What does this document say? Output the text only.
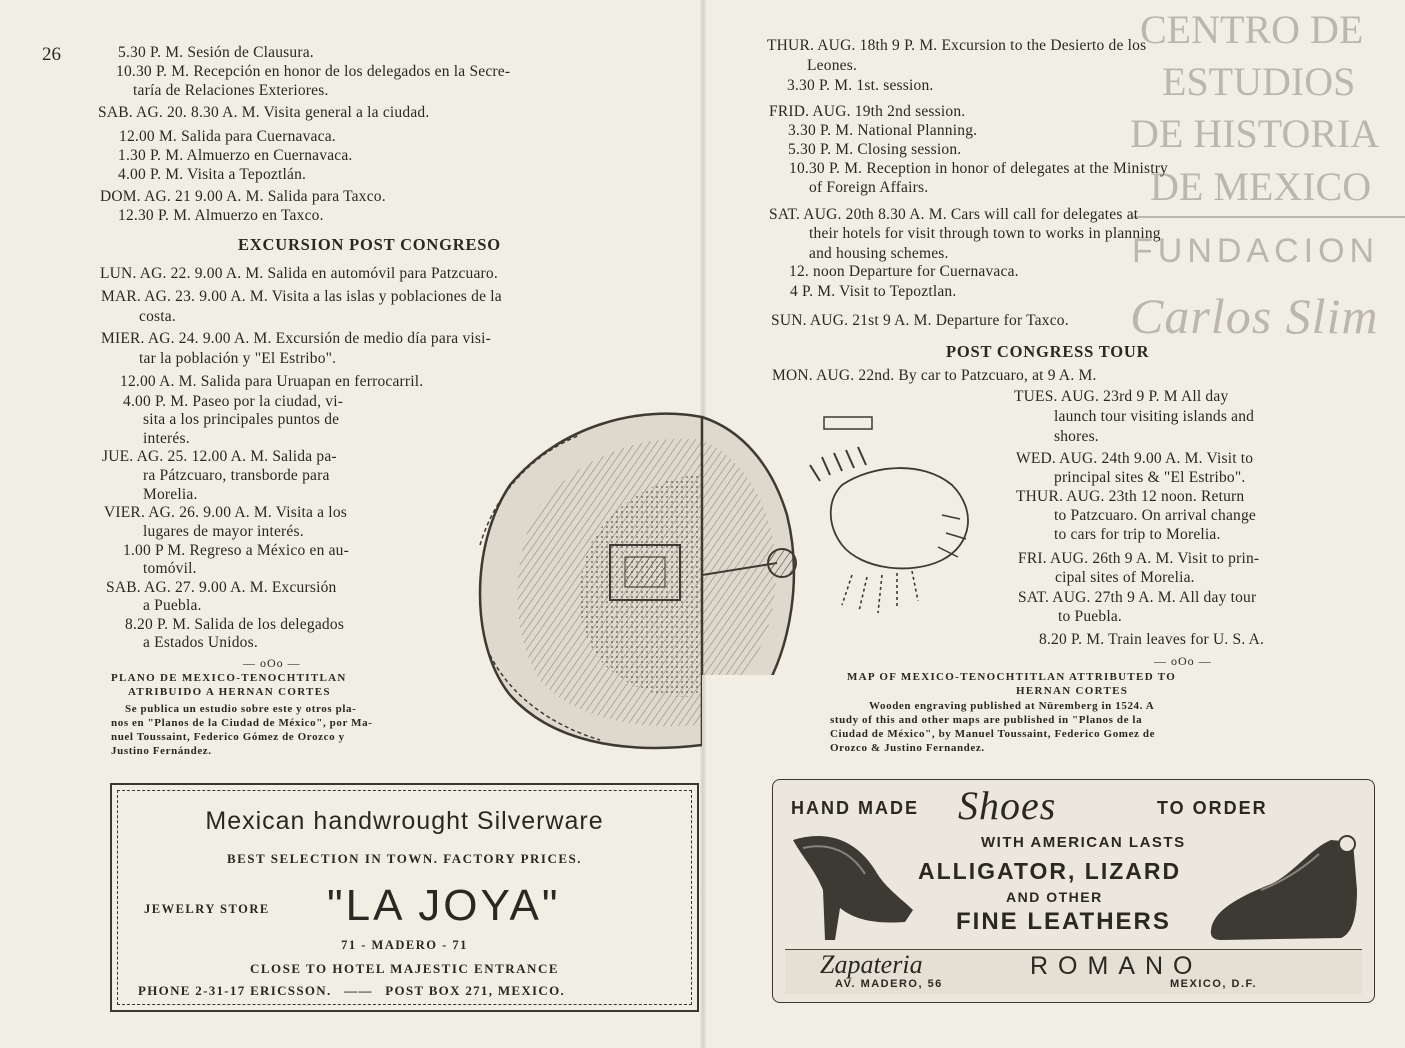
26	5.30 P. M. Sesión de Clausura.
10.30 P. M. Recepción en honor de los delegados en la Secre-
taría de Relaciones Exteriores.
SAB. AG. 20. 8.30 A. M. Visita general a la ciudad.
12.00 M. Salida para Cuernavaca.
1.30 P. M. Almuerzo en Cuernavaca.
4.00 P. M. Visita a Tepoztlán.
DOM. AG. 21 9.00 A. M. Salida para Taxco.
12.30 P. M. Almuerzo en Taxco.
EXCURSION POST CONGRESO
LUN. AG. 22. 9.00 A. M. Salida en automóvil para Patzcuaro.
MAR. AG. 23. 9.00 A. M. Visita a las islas y poblaciones de la
costa.
MIER. AG. 24. 9.00 A. M. Excursión de medio día para visi-
tar la población y "El Estribo".
12.00 A. M. Salida para Uruapan en ferrocarril.
4.00 P. M. Paseo por la ciudad, vi-
sita a los principales puntos de
interés.
JUE. AG. 25. 12.00 A. M. Salida pa-
ra Pátzcuaro, transborde para
Morelia.
VIER. AG. 26. 9.00 A. M. Visita a los
lugares de mayor interés.
1.00 P M. Regreso a México en au-
tomóvil.
SAB. AG. 27. 9.00 A. M. Excursión
a Puebla.
8.20 P. M. Salida de los delegados
a Estados Unidos.
— oOo —
PLANO DE MEXICO-TENOCHTITLAN
ATRIBUIDO A HERNAN CORTES
Se publica un estudio sobre este y otros pla-
nos en "Planos de la Ciudad de México", por Ma-
nuel Toussaint, Federico Gómez de Orozco y
Justino Fernández.
Mexican handwrought Silverware
BEST SELECTION IN TOWN. FACTORY PRICES.
JEWELRY STORE "LA JOYA"
71 - MADERO - 71
CLOSE TO HOTEL MAJESTIC ENTRANCE
PHONE 2-31-17 ERICSSON. —— POST BOX 271, MEXICO.
CENTRO DE
ESTUDIOS
DE HISTORIA
DE MEXICO
FUNDACION
Carlos Slim
THUR. AUG. 18th 9 P. M. Excursion to the Desierto de los
Leones.
3.30 P. M. 1st. session.
FRID. AUG. 19th 2nd session.
3.30 P. M. National Planning.
5.30 P. M. Closing session.
10.30 P. M. Reception in honor of delegates at the Ministry
of Foreign Affairs.
SAT. AUG. 20th 8.30 A. M. Cars will call for delegates at
their hotels for visit through town to works in planning
and housing schemes.
12. noon Departure for Cuernavaca.
4 P. M. Visit to Tepoztlan.
SUN. AUG. 21st 9 A. M. Departure for Taxco.
POST CONGRESS TOUR
MON. AUG. 22nd. By car to Patzcuaro, at 9 A. M.
TUES. AUG. 23rd 9 P. M All day
launch tour visiting islands and
shores.
WED. AUG. 24th 9.00 A. M. Visit to
principal sites & "El Estribo".
THUR. AUG. 23th 12 noon. Return
to Patzcuaro. On arrival change
to cars for trip to Morelia.
FRI. AUG. 26th 9 A. M. Visit to prin-
cipal sites of Morelia.
SAT. AUG. 27th 9 A. M. All day tour
to Puebla.
8.20 P. M. Train leaves for U. S. A.
— oOo —
MAP OF MEXICO-TENOCHTITLAN ATTRIBUTED TO
HERNAN CORTES
Wooden engraving published at Nüremberg in 1524. A
study of this and other maps are published in "Planos de la
Ciudad de México", by Manuel Toussaint, Federico Gomez de
Orozco & Justino Fernandez.
HAND MADE Shoes	TO ORDER
WITH AMERICAN LASTS
ALLIGATOR, LIZARD
AND OTHER
FINE LEATHERS
Zapateria	ROMANO
AV. MADERO, 56	MEXICO, D.F.
